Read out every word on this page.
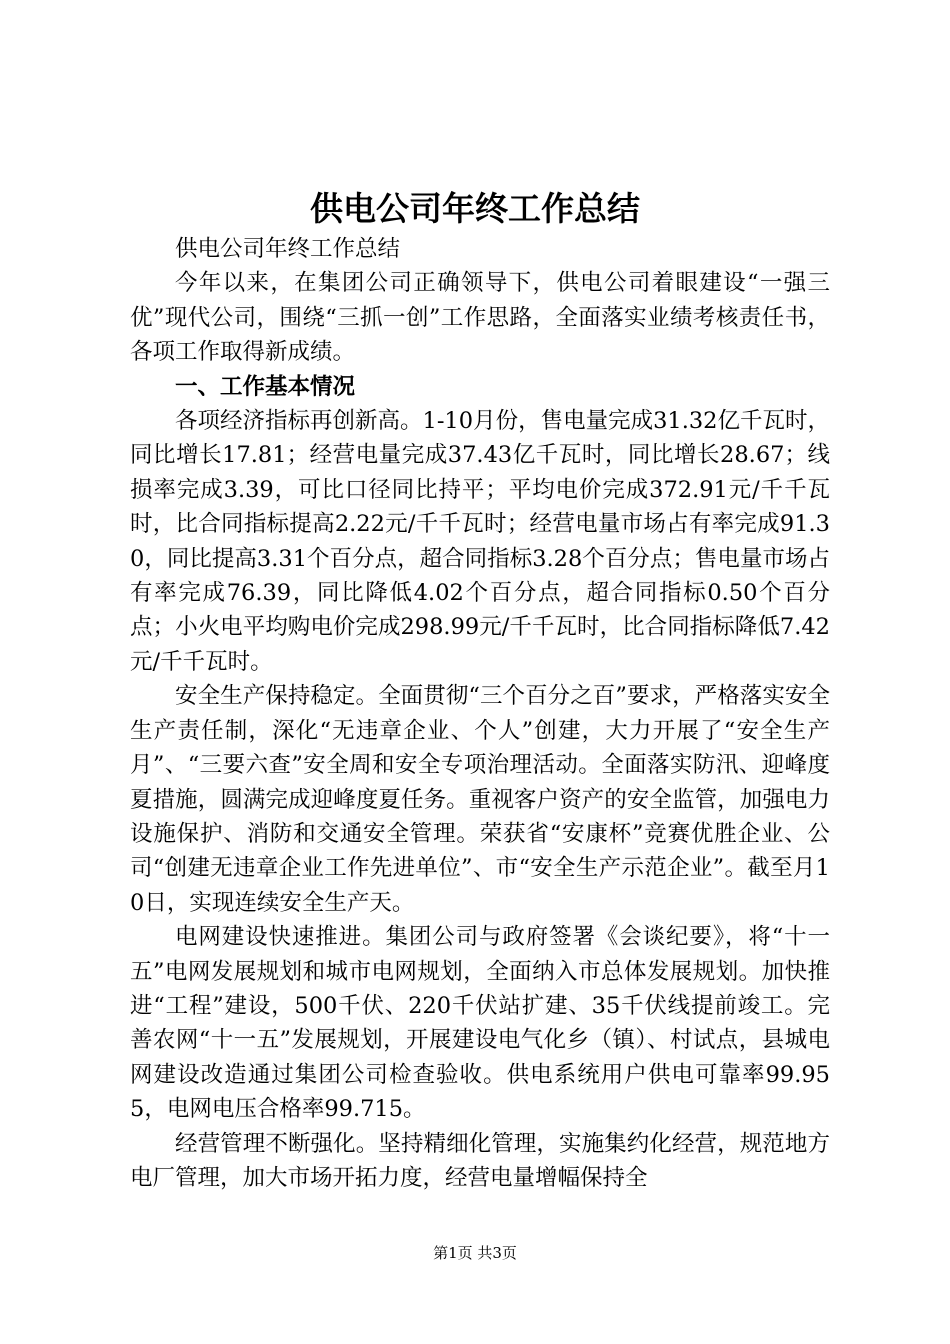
供电公司年终工作总结

供电公司年终工作总结

今年以来，在集团公司正确领导下，供电公司着眼建设“一强三优”现代公司，围绕“三抓一创”工作思路，全面落实业绩考核责任书，各项工作取得新成绩。

一、工作基本情况

各项经济指标再创新高。1-10月份，售电量完成31.32亿千瓦时，同比增长17.81；经营电量完成37.43亿千瓦时，同比增长28.67；线损率完成3.39，可比口径同比持平；平均电价完成372.91元/千千瓦时，比合同指标提高2.22元/千千瓦时；经营电量市场占有率完成91.30，同比提高3.31个百分点，超合同指标3.28个百分点；售电量市场占有率完成76.39，同比降低4.02个百分点，超合同指标0.50个百分点；小火电平均购电价完成298.99元/千千瓦时，比合同指标降低7.42元/千千瓦时。

安全生产保持稳定。全面贯彻“三个百分之百”要求，严格落实安全生产责任制，深化“无违章企业、个人”创建，大力开展了“安全生产月”、“三要六查”安全周和安全专项治理活动。全面落实防汛、迎峰度夏措施，圆满完成迎峰度夏任务。重视客户资产的安全监管，加强电力设施保护、消防和交通安全管理。荣获省“安康杯”竞赛优胜企业、公司“创建无违章企业工作先进单位”、市“安全生产示范企业”。截至月10日，实现连续安全生产天。

电网建设快速推进。集团公司与政府签署《会谈纪要》，将“十一五”电网发展规划和城市电网规划，全面纳入市总体发展规划。加快推进“工程”建设，500千伏、220千伏站扩建、35千伏线提前竣工。完善农网“十一五”发展规划，开展建设电气化乡（镇）、村试点，县城电网建设改造通过集团公司检查验收。供电系统用户供电可靠率99.955，电网电压合格率99.715。

经营管理不断强化。坚持精细化管理，实施集约化经营，规范地方电厂管理，加大市场开拓力度，经营电量增幅保持全

第1页 共3页
